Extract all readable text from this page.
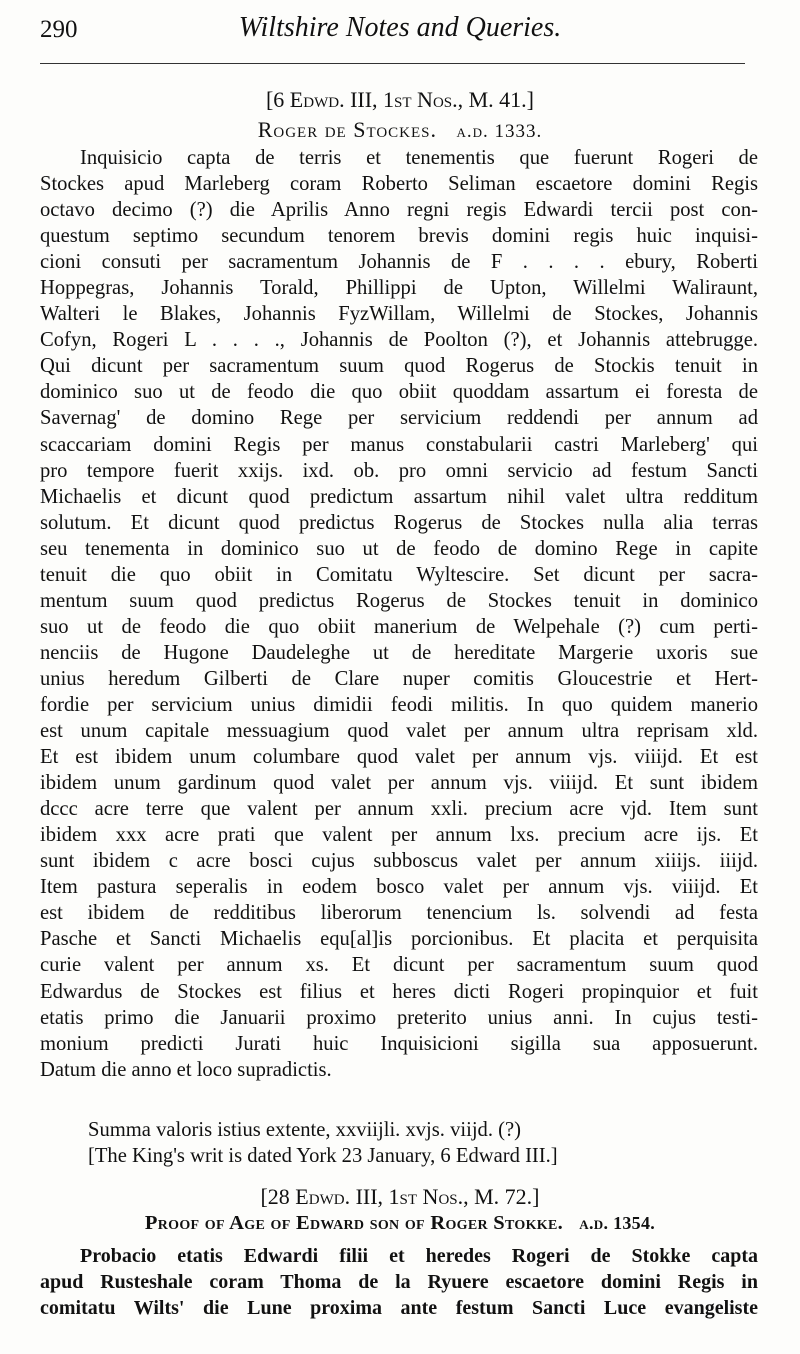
290	Wiltshire Notes and Queries.
[6 Edwd. III, 1st Nos., M. 41.]
Roger de Stockes. a.d. 1333.
Inquisicio capta de terris et tenementis que fuerunt Rogeri de
Stockes apud Marleberg coram Roberto Seliman escaetore domini Regis
octavo decimo (?) die Aprilis Anno regni regis Edwardi tercii post con-
questum septimo secundum tenorem brevis domini regis huic inquisi-
cioni consuti per sacramentum Johannis de F . . . . ebury, Roberti
Hoppegras, Johannis Torald, Phillippi de Upton, Willelmi Waliraunt,
Walteri le Blakes, Johannis FyzWillam, Willelmi de Stockes, Johannis
Cofyn, Rogeri L . . . ., Johannis de Poolton (?), et Johannis attebrugge.
Qui dicunt per sacramentum suum quod Rogerus de Stockis tenuit in
dominico suo ut de feodo die quo obiit quoddam assartum ei foresta de
Savernag' de domino Rege per servicium reddendi per annum ad
scaccariam domini Regis per manus constabularii castri Marleberg' qui
pro tempore fuerit xxijs. ixd. ob. pro omni servicio ad festum Sancti
Michaelis et dicunt quod predictum assartum nihil valet ultra redditum
solutum. Et dicunt quod predictus Rogerus de Stockes nulla alia terras
seu tenementa in dominico suo ut de feodo de domino Rege in capite
tenuit die quo obiit in Comitatu Wyltescire. Set dicunt per sacra-
mentum suum quod predictus Rogerus de Stockes tenuit in dominico
suo ut de feodo die quo obiit manerium de Welpehale (?) cum perti-
nenciis de Hugone Daudeleghe ut de hereditate Margerie uxoris sue
unius heredum Gilberti de Clare nuper comitis Gloucestrie et Hert-
fordie per servicium unius dimidii feodi militis. In quo quidem manerio
est unum capitale messuagium quod valet per annum ultra reprisam xld.
Et est ibidem unum columbare quod valet per annum vjs. viiijd. Et est
ibidem unum gardinum quod valet per annum vjs. viiijd. Et sunt ibidem
dccc acre terre que valent per annum xxli. precium acre vjd. Item sunt
ibidem xxx acre prati que valent per annum lxs. precium acre ijs. Et
sunt ibidem c acre bosci cujus subboscus valet per annum xiiijs. iiijd.
Item pastura seperalis in eodem bosco valet per annum vjs. viiijd. Et
est ibidem de redditibus liberorum tenencium ls. solvendi ad festa
Pasche et Sancti Michaelis equ[al]is porcionibus. Et placita et perquisita
curie valent per annum xs. Et dicunt per sacramentum suum quod
Edwardus de Stockes est filius et heres dicti Rogeri propinquior et fuit
etatis primo die Januarii proximo preterito unius anni. In cujus testi-
monium predicti Jurati huic Inquisicioni sigilla sua apposuerunt.
Datum die anno et loco supradictis.
Summa valoris istius extente, xxviijli. xvjs. viijd. (?)
[The King's writ is dated York 23 January, 6 Edward III.]
[28 Edwd. III, 1st Nos., M. 72.]
Proof of Age of Edward son of Roger Stokke. a.d. 1354.
Probacio etatis Edwardi filii et heredes Rogeri de Stokke capta
apud Rusteshale coram Thoma de la Ryuere escaetore domini Regis in
comitatu Wilts' die Lune proxima ante festum Sancti Luce evangeliste
